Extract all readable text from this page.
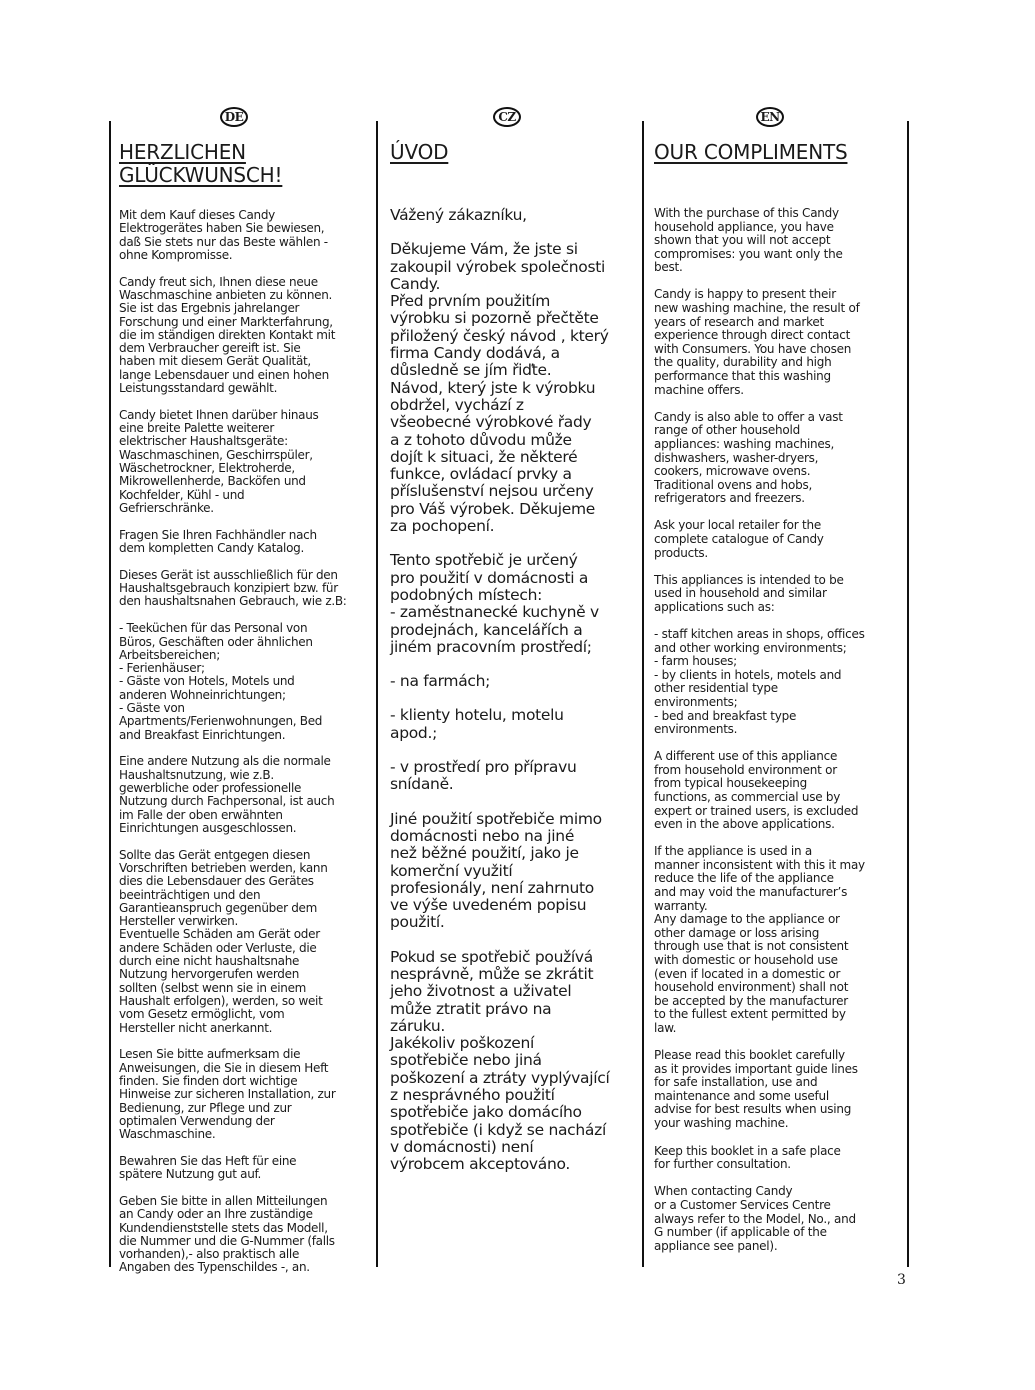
DE	CZ	EN
HERZLICHEN
GLÜCKWUNSCH!

Mit dem Kauf dieses Candy
Elektrogerätes haben Sie bewiesen,
daß Sie stets nur das Beste wählen -
ohne Kompromisse.

Candy freut sich, Ihnen diese neue
Waschmaschine anbieten zu können.
Sie ist das Ergebnis jahrelanger
Forschung und einer Markterfahrung,
die im ständigen direkten Kontakt mit
dem Verbraucher gereift ist. Sie
haben mit diesem Gerät Qualität,
lange Lebensdauer und einen hohen
Leistungsstandard gewählt.

Candy bietet Ihnen darüber hinaus
eine breite Palette weiterer
elektrischer Haushaltsgeräte:
Waschmaschinen, Geschirrspüler,
Wäschetrockner, Elektroherde,
Mikrowellenherde, Backöfen und
Kochfelder, Kühl - und
Gefrierschränke.

Fragen Sie Ihren Fachhändler nach
dem kompletten Candy Katalog.

Dieses Gerät ist ausschließlich für den
Haushaltsgebrauch konzipiert bzw. für
den haushaltsnahen Gebrauch, wie z.B:

- Teeküchen für das Personal von
Büros, Geschäften oder ähnlichen
Arbeitsbereichen;
- Ferienhäuser;
- Gäste von Hotels, Motels und
anderen Wohneinrichtungen;
- Gäste von
Apartments/Ferienwohnungen, Bed
and Breakfast Einrichtungen.

Eine andere Nutzung als die normale
Haushaltsnutzung, wie z.B.
gewerbliche oder professionelle
Nutzung durch Fachpersonal, ist auch
im Falle der oben erwähnten
Einrichtungen ausgeschlossen.

Sollte das Gerät entgegen diesen
Vorschriften betrieben werden, kann
dies die Lebensdauer des Gerätes
beeinträchtigen und den
Garantieanspruch gegenüber dem
Hersteller verwirken.
Eventuelle Schäden am Gerät oder
andere Schäden oder Verluste, die
durch eine nicht haushaltsnahe
Nutzung hervorgerufen werden
sollten (selbst wenn sie in einem
Haushalt erfolgen), werden, so weit
vom Gesetz ermöglicht, vom
Hersteller nicht anerkannt.

Lesen Sie bitte aufmerksam die
Anweisungen, die Sie in diesem Heft
finden. Sie finden dort wichtige
Hinweise zur sicheren Installation, zur
Bedienung, zur Pflege und zur
optimalen Verwendung der
Waschmaschine.

Bewahren Sie das Heft für eine
spätere Nutzung gut auf.

Geben Sie bitte in allen Mitteilungen
an Candy oder an Ihre zuständige
Kundendienststelle stets das Modell,
die Nummer und die G-Nummer (falls
vorhanden),- also praktisch alle
Angaben des Typenschildes -, an.

ÚVOD

Vážený zákazníku,

Děkujeme Vám, že jste si
zakoupil výrobek společnosti
Candy.
Před prvním použitím
výrobku si pozorně přečtěte
přiložený český návod , který
firma Candy dodává, a
důsledně se jím řiďte.
Návod, který jste k výrobku
obdržel, vychází z
všeobecné výrobkové řady
a z tohoto důvodu může
dojít k situaci, že některé
funkce, ovládací prvky a
příslušenství nejsou určeny
pro Váš výrobek. Děkujeme
za pochopení.

Tento spotřebič je určený
pro použití v domácnosti a
podobných místech:
- zaměstnanecké kuchyně v
prodejnách, kancelářích a
jiném pracovním prostředí;

- na farmách;

- klienty hotelu, motelu
apod.;

- v prostředí pro přípravu
snídaně.

Jiné použití spotřebiče mimo
domácnosti nebo na jiné
než běžné použití, jako je
komerční využití
profesionály, není zahrnuto
ve výše uvedeném popisu
použití.

Pokud se spotřebič používá
nesprávně, může se zkrátit
jeho životnost a uživatel
může ztratit právo na
záruku.
Jakékoliv poškození
spotřebiče nebo jiná
poškození a ztráty vyplývající
z nesprávného použití
spotřebiče jako domácího
spotřebiče (i když se nachází
v domácnosti) není
výrobcem akceptováno.

OUR COMPLIMENTS

With the purchase of this Candy
household appliance, you have
shown that you will not accept
compromises: you want only the
best.

Candy is happy to present their
new washing machine, the result of
years of research and market
experience through direct contact
with Consumers. You have chosen
the quality, durability and high
performance that this washing
machine offers.

Candy is also able to offer a vast
range of other household
appliances: washing machines,
dishwashers, washer-dryers,
cookers, microwave ovens.
Traditional ovens and hobs,
refrigerators and freezers.

Ask your local retailer for the
complete catalogue of Candy
products.

This appliances is intended to be
used in household and similar
applications such as:

- staff kitchen areas in shops, offices
and other working environments;
- farm houses;
- by clients in hotels, motels and
other residential type
environments;
- bed and breakfast type
environments.

A different use of this appliance
from household environment or
from typical housekeeping
functions, as commercial use by
expert or trained users, is excluded
even in the above applications.

If the appliance is used in a
manner inconsistent with this it may
reduce the life of the appliance
and may void the manufacturer’s
warranty.
Any damage to the appliance or
other damage or loss arising
through use that is not consistent
with domestic or household use
(even if located in a domestic or
household environment) shall not
be accepted by the manufacturer
to the fullest extent permitted by
law.

Please read this booklet carefully
as it provides important guide lines
for safe installation, use and
maintenance and some useful
advise for best results when using
your washing machine.

Keep this booklet in a safe place
for further consultation.

When contacting Candy
or a Customer Services Centre
always refer to the Model, No., and
G number (if applicable of the
appliance see panel).

3
